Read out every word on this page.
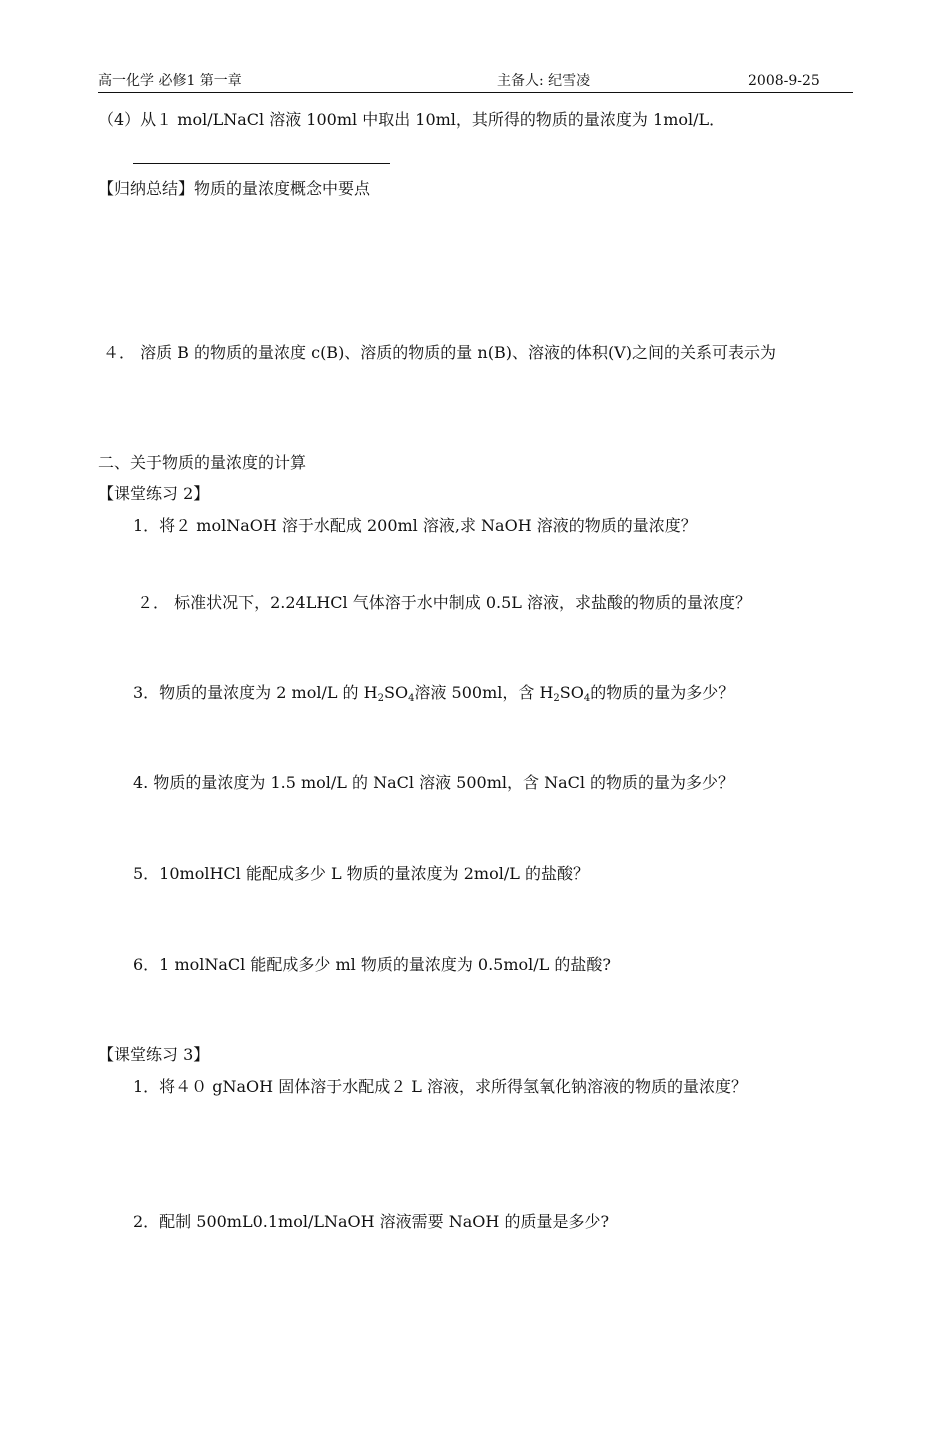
高一化学 必修1 第一章	主备人: 纪雪凌	2008-9-25
（4）从１ mol/LNaCl 溶液 100ml 中取出 10ml，其所得的物质的量浓度为 1mol/L．
【归纳总结】物质的量浓度概念中要点
４． 溶质 B 的物质的量浓度 c(B)、溶质的物质的量 n(B)、溶液的体积(V)之间的关系可表示为
二、关于物质的量浓度的计算
【课堂练习 2】
1．将２ molNaOH 溶于水配成 200ml 溶液,求 NaOH 溶液的物质的量浓度？
２． 标准状况下，2.24LHCl 气体溶于水中制成 0.5L 溶液，求盐酸的物质的量浓度？
3．物质的量浓度为 2 mol/L 的 $H_2SO_4$溶液 500ml，含 $H_2SO_4$的物质的量为多少？
4. 物质的量浓度为 1.5 mol/L 的 NaCl 溶液 500ml，含 NaCl 的物质的量为多少？
5．10molHCl 能配成多少 L 物质的量浓度为 2mol/L 的盐酸？
6．1 molNaCl 能配成多少 ml 物质的量浓度为 0.5mol/L 的盐酸?
【课堂练习 3】
1．将４０ gNaOH 固体溶于水配成２ L 溶液，求所得氢氧化钠溶液的物质的量浓度？
2．配制 500mL0.1mol/LNaOH 溶液需要 NaOH 的质量是多少?
